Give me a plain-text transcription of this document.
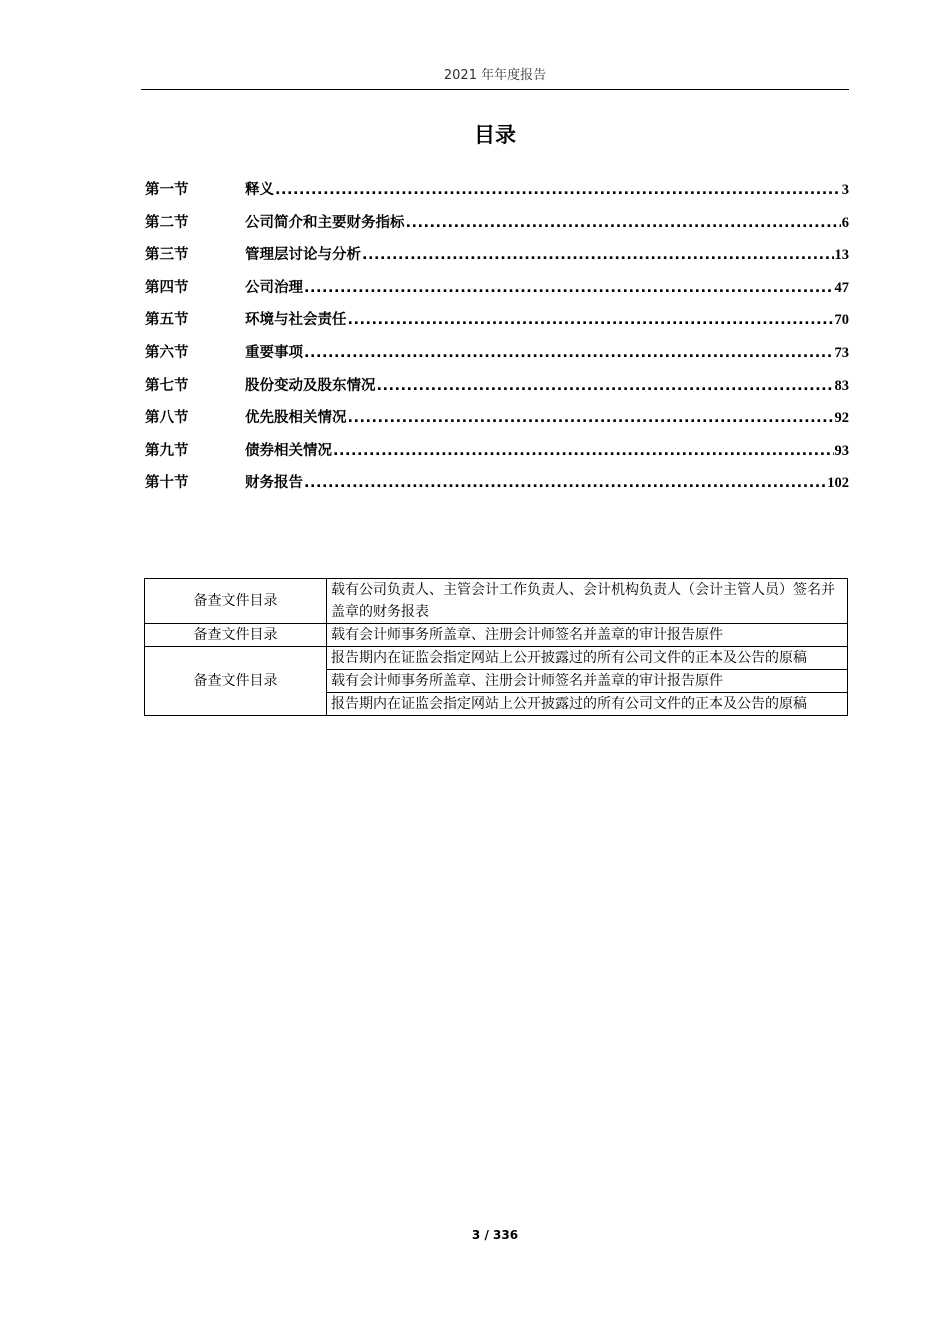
2021 年年度报告
目录
第一节	释义 .....	3
第二节	公司简介和主要财务指标 .....	6
第三节	管理层讨论与分析 .....	13
第四节	公司治理 .....	47
第五节	环境与社会责任 .....	70
第六节	重要事项 .....	73
第七节	股份变动及股东情况 .....	83
第八节	优先股相关情况 .....	92
第九节	债券相关情况 .....	93
第十节	财务报告 .....	102
备查文件目录	载有公司负责人、主管会计工作负责人、会计机构负责人（会计主管人员）签名并盖章的财务报表
备查文件目录	载有会计师事务所盖章、注册会计师签名并盖章的审计报告原件
备查文件目录	报告期内在证监会指定网站上公开披露过的所有公司文件的正本及公告的原稿
	载有会计师事务所盖章、注册会计师签名并盖章的审计报告原件
	报告期内在证监会指定网站上公开披露过的所有公司文件的正本及公告的原稿
3 / 336
